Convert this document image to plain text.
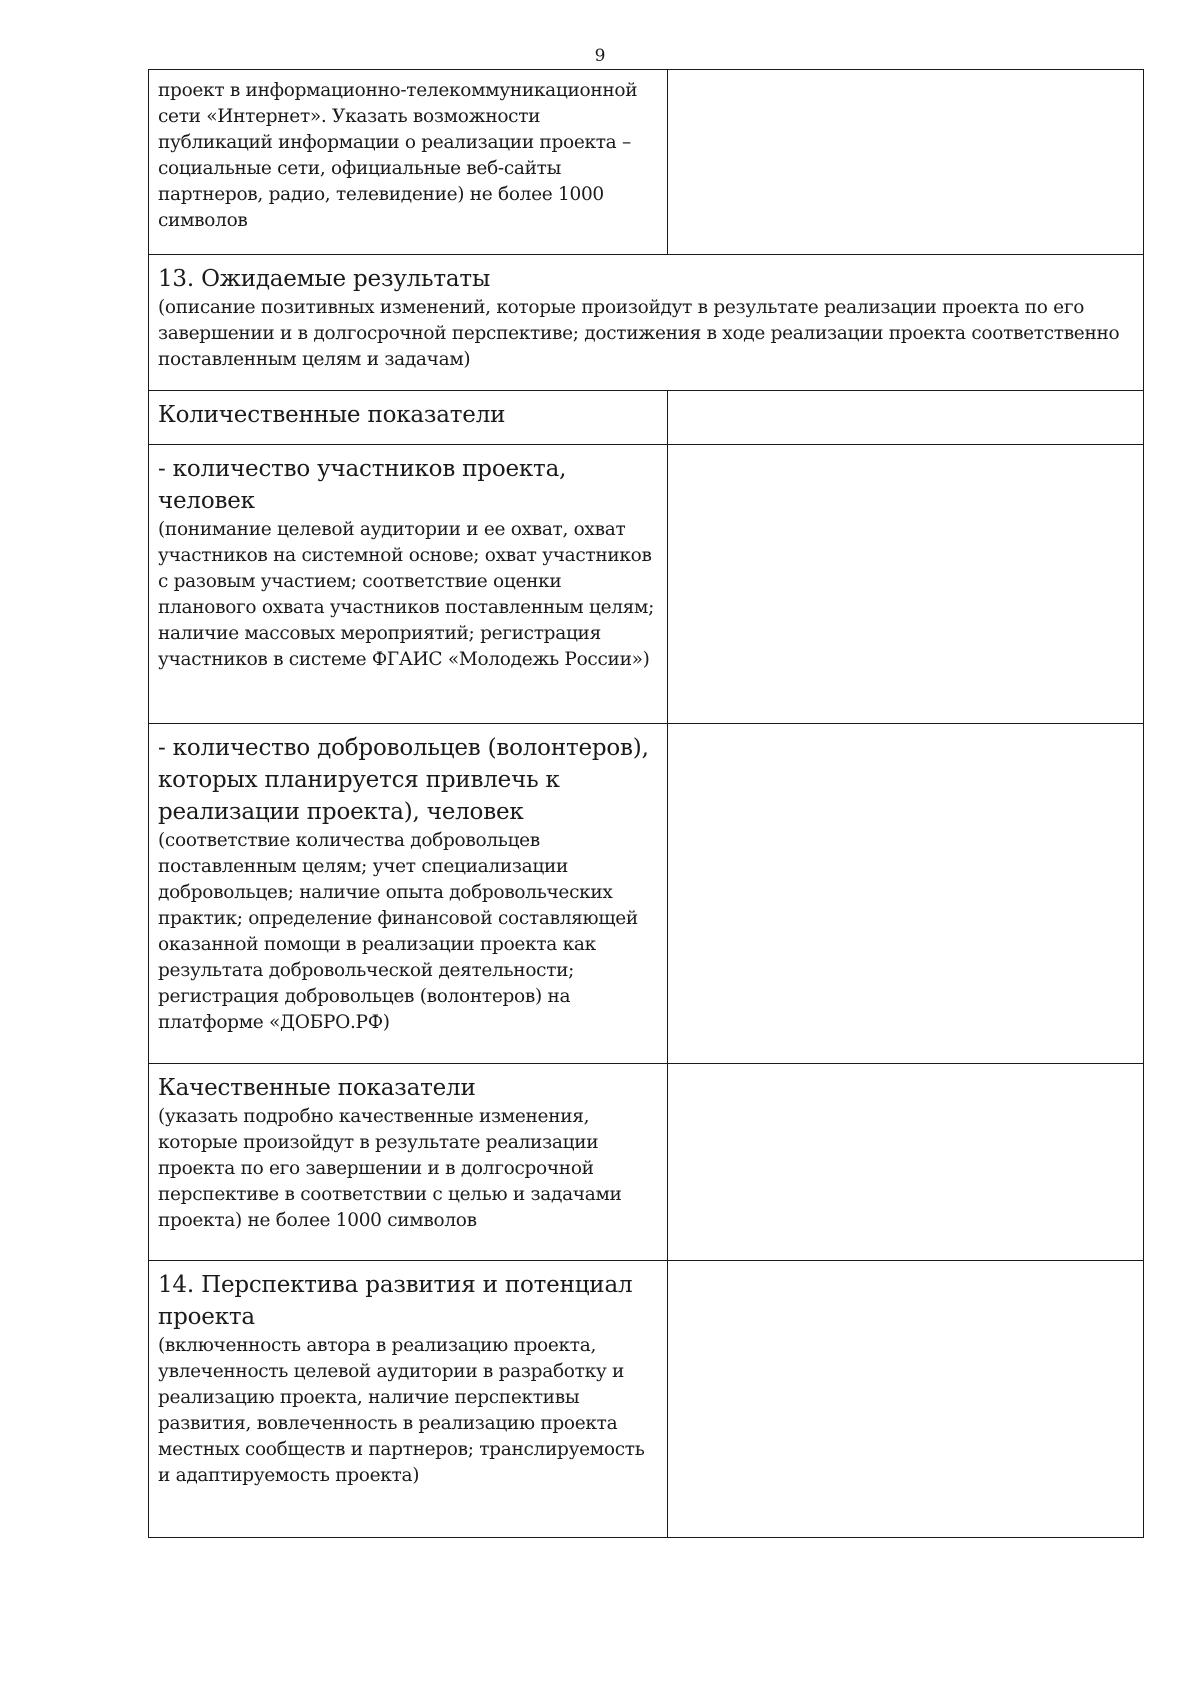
9
проект в информационно-телекоммуникационной сети «Интернет». Указать возможности публикаций информации о реализации проекта – социальные сети, официальные веб-сайты партнеров, радио, телевидение) не более 1000 символов	

13. Ожидаемые результаты
(описание позитивных изменений, которые произойдут в результате реализации проекта по его завершении и в долгосрочной перспективе; достижения в ходе реализации проекта соответственно поставленным целям и задачам)	

Количественные показатели	

- количество участников проекта, человек
(понимание целевой аудитории и ее охват, охват участников на системной основе; охват участников с разовым участием; соответствие оценки планового охвата участников поставленным целям; наличие массовых мероприятий; регистрация участников в системе ФГАИС «Молодежь России»)	

- количество добровольцев (волонтеров), которых планируется привлечь к реализации проекта), человек
(соответствие количества добровольцев поставленным целям; учет специализации добровольцев; наличие опыта добровольческих практик; определение финансовой составляющей оказанной помощи в реализации проекта как результата добровольческой деятельности; регистрация добровольцев (волонтеров) на платформе «ДОБРО.РФ)	

Качественные показатели
(указать подробно качественные изменения, которые произойдут в результате реализации проекта по его завершении и в долгосрочной перспективе в соответствии с целью и задачами проекта) не более 1000 символов	

14. Перспектива развития и потенциал проекта
(включенность автора в реализацию проекта, увлеченность целевой аудитории в разработку и реализацию проекта, наличие перспективы развития, вовлеченность в реализацию проекта местных сообществ и партнеров; транслируемость и адаптируемость проекта)	
